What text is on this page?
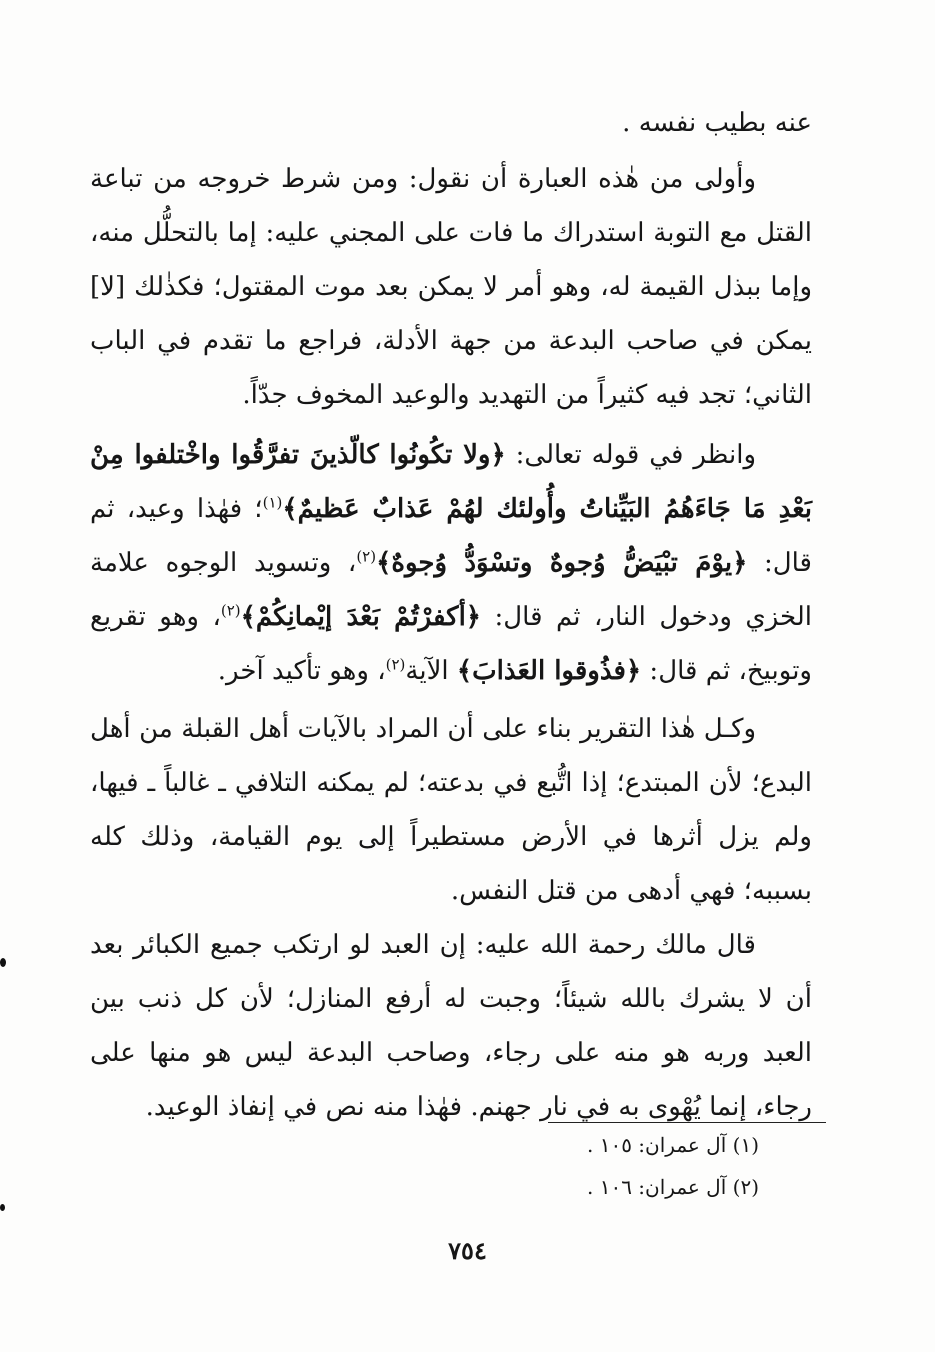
عنه بطيب نفسه .
وأولى من هٰذه العبارة أن نقول: ومن شرط خروجه من تباعة القتل مع التوبة استدراك ما فات على المجني عليه: إما بالتحلُّل منه، وإما ببذل القيمة له، وهو أمر لا يمكن بعد موت المقتول؛ فكذٰلك [لا] يمكن في صاحب البدعة من جهة الأدلة، فراجع ما تقدم في الباب الثاني؛ تجد فيه كثيراً من التهديد والوعيد المخوف جدّاً.
وانظر في قوله تعالى: ﴿ولا تكُونُوا كالّذينَ تفرَّقُوا واخْتلفوا مِنْ بَعْدِ مَا جَاءَهُمُ البَيِّناتُ وأُولئك لهُمْ عَذابٌ عَظيمٌ﴾$^{(١)}$؛ فهٰذا وعيد، ثم قال: ﴿يوْمَ تبْيَضُّ وُجوهٌ وتسْوَدُّ وُجوهٌ﴾$^{(٢)}$، وتسويد الوجوه علامة الخزي ودخول النار، ثم قال: ﴿أكفرْتُمْ بَعْدَ إيْمانِكُمْ﴾$^{(٢)}$، وهو تقريع وتوبيخ، ثم قال: ﴿فذُوقوا العَذابَ﴾ الآية$^{(٢)}$، وهو تأكيد آخر.
وكـل هٰذا التقرير بناء على أن المراد بالآيات أهل القبلة من أهل البدع؛ لأن المبتدع؛ إذا اتُّبع في بدعته؛ لم يمكنه التلافي ـ غالباً ـ فيها، ولم يزل أثرها في الأرض مستطيراً إلى يوم القيامة، وذلك كله بسببه؛ فهي أدهى من قتل النفس.
قال مالك رحمة الله عليه: إن العبد لو ارتكب جميع الكبائر بعد أن لا يشرك بالله شيئاً؛ وجبت له أرفع المنازل؛ لأن كل ذنب بين العبد وربه هو منه على رجاء، وصاحب البدعة ليس هو منها على رجاء، إنما يُهْوى به في نار جهنم. فهٰذا منه نص في إنفاذ الوعيد.
(١) آل عمران: ١٠٥ .
(٢) آل عمران: ١٠٦ .
٧٥٤
